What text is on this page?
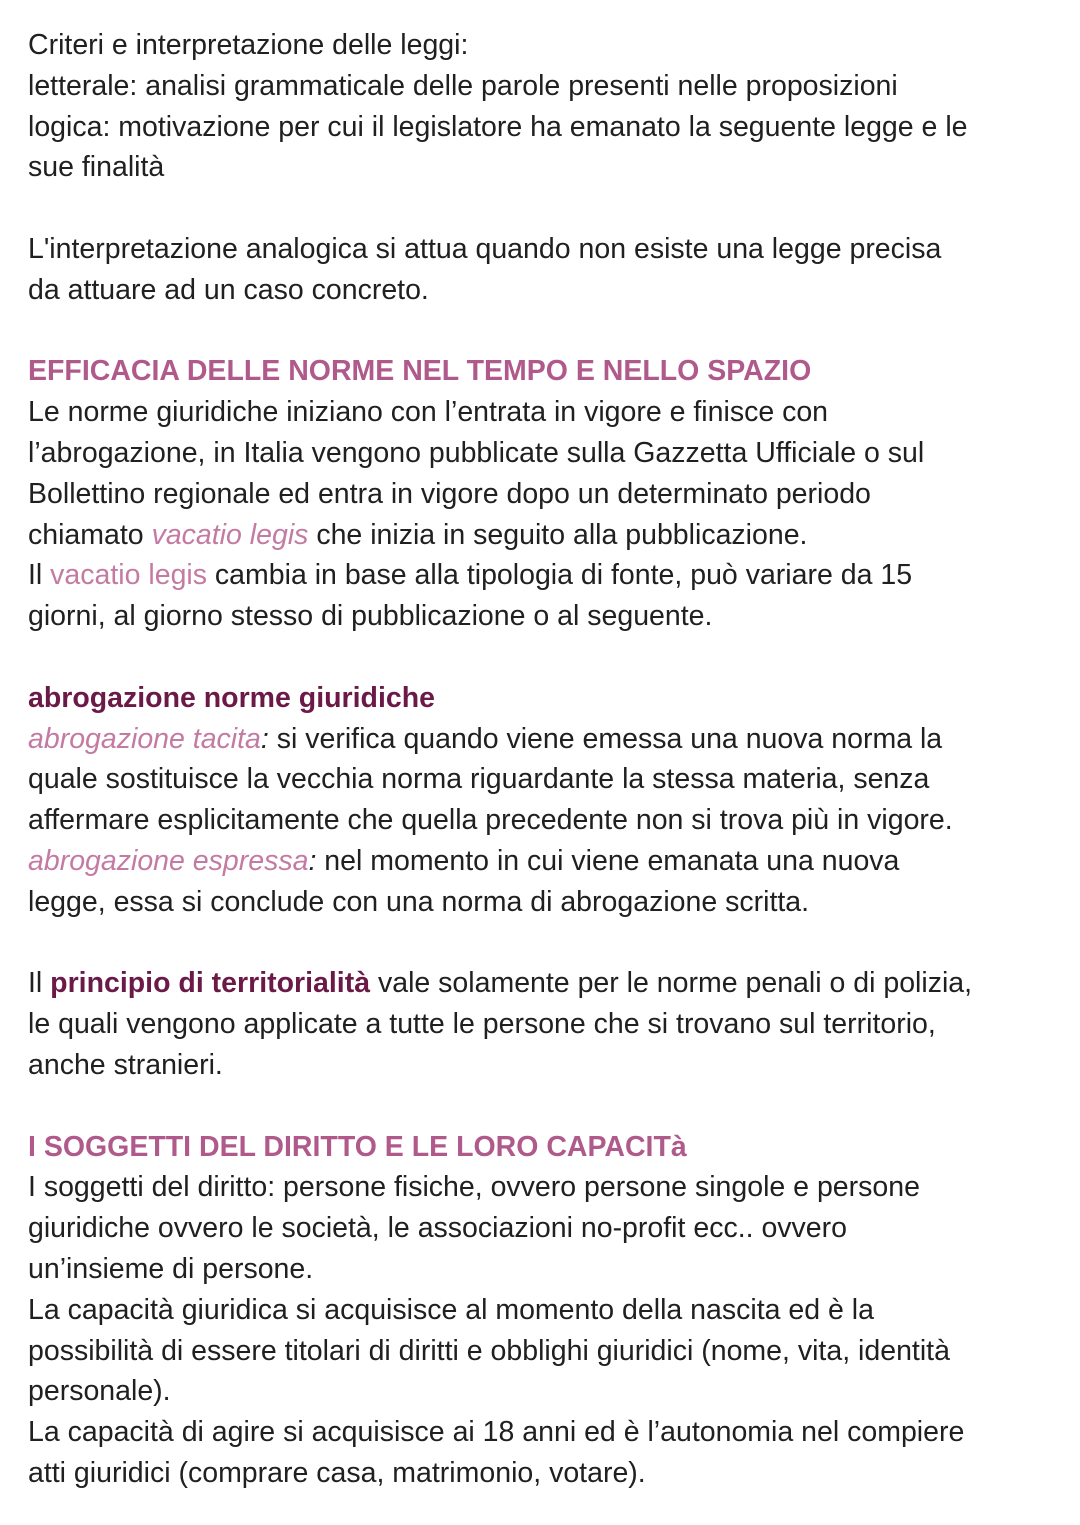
Criteri e interpretazione delle leggi:
letterale: analisi grammaticale delle parole presenti nelle proposizioni
logica: motivazione per cui il legislatore ha emanato la seguente legge e le
sue finalità
L'interpretazione analogica si attua quando non esiste una legge precisa
da attuare ad un caso concreto.
EFFICACIA DELLE NORME NEL TEMPO E NELLO SPAZIO
Le norme giuridiche iniziano con l’entrata in vigore e finisce con
l’abrogazione, in Italia vengono pubblicate sulla Gazzetta Ufficiale o sul
Bollettino regionale ed entra in vigore dopo un determinato periodo
chiamato vacatio legis che inizia in seguito alla pubblicazione.
Il vacatio legis cambia in base alla tipologia di fonte, può variare da 15
giorni, al giorno stesso di pubblicazione o al seguente.
abrogazione norme giuridiche
abrogazione tacita: si verifica quando viene emessa una nuova norma la
quale sostituisce la vecchia norma riguardante la stessa materia, senza
affermare esplicitamente che quella precedente non si trova più in vigore.
abrogazione espressa: nel momento in cui viene emanata una nuova
legge, essa si conclude con una norma di abrogazione scritta.
Il principio di territorialità vale solamente per le norme penali o di polizia,
le quali vengono applicate a tutte le persone che si trovano sul territorio,
anche stranieri.
I SOGGETTI DEL DIRITTO E LE LORO CAPACITà
I soggetti del diritto: persone fisiche, ovvero persone singole e persone
giuridiche ovvero le società, le associazioni no-profit ecc.. ovvero
un’insieme di persone.
La capacità giuridica si acquisisce al momento della nascita ed è la
possibilità di essere titolari di diritti e obblighi giuridici (nome, vita, identità
personale).
La capacità di agire si acquisisce ai 18 anni ed è l’autonomia nel compiere
atti giuridici (comprare casa, matrimonio, votare).
